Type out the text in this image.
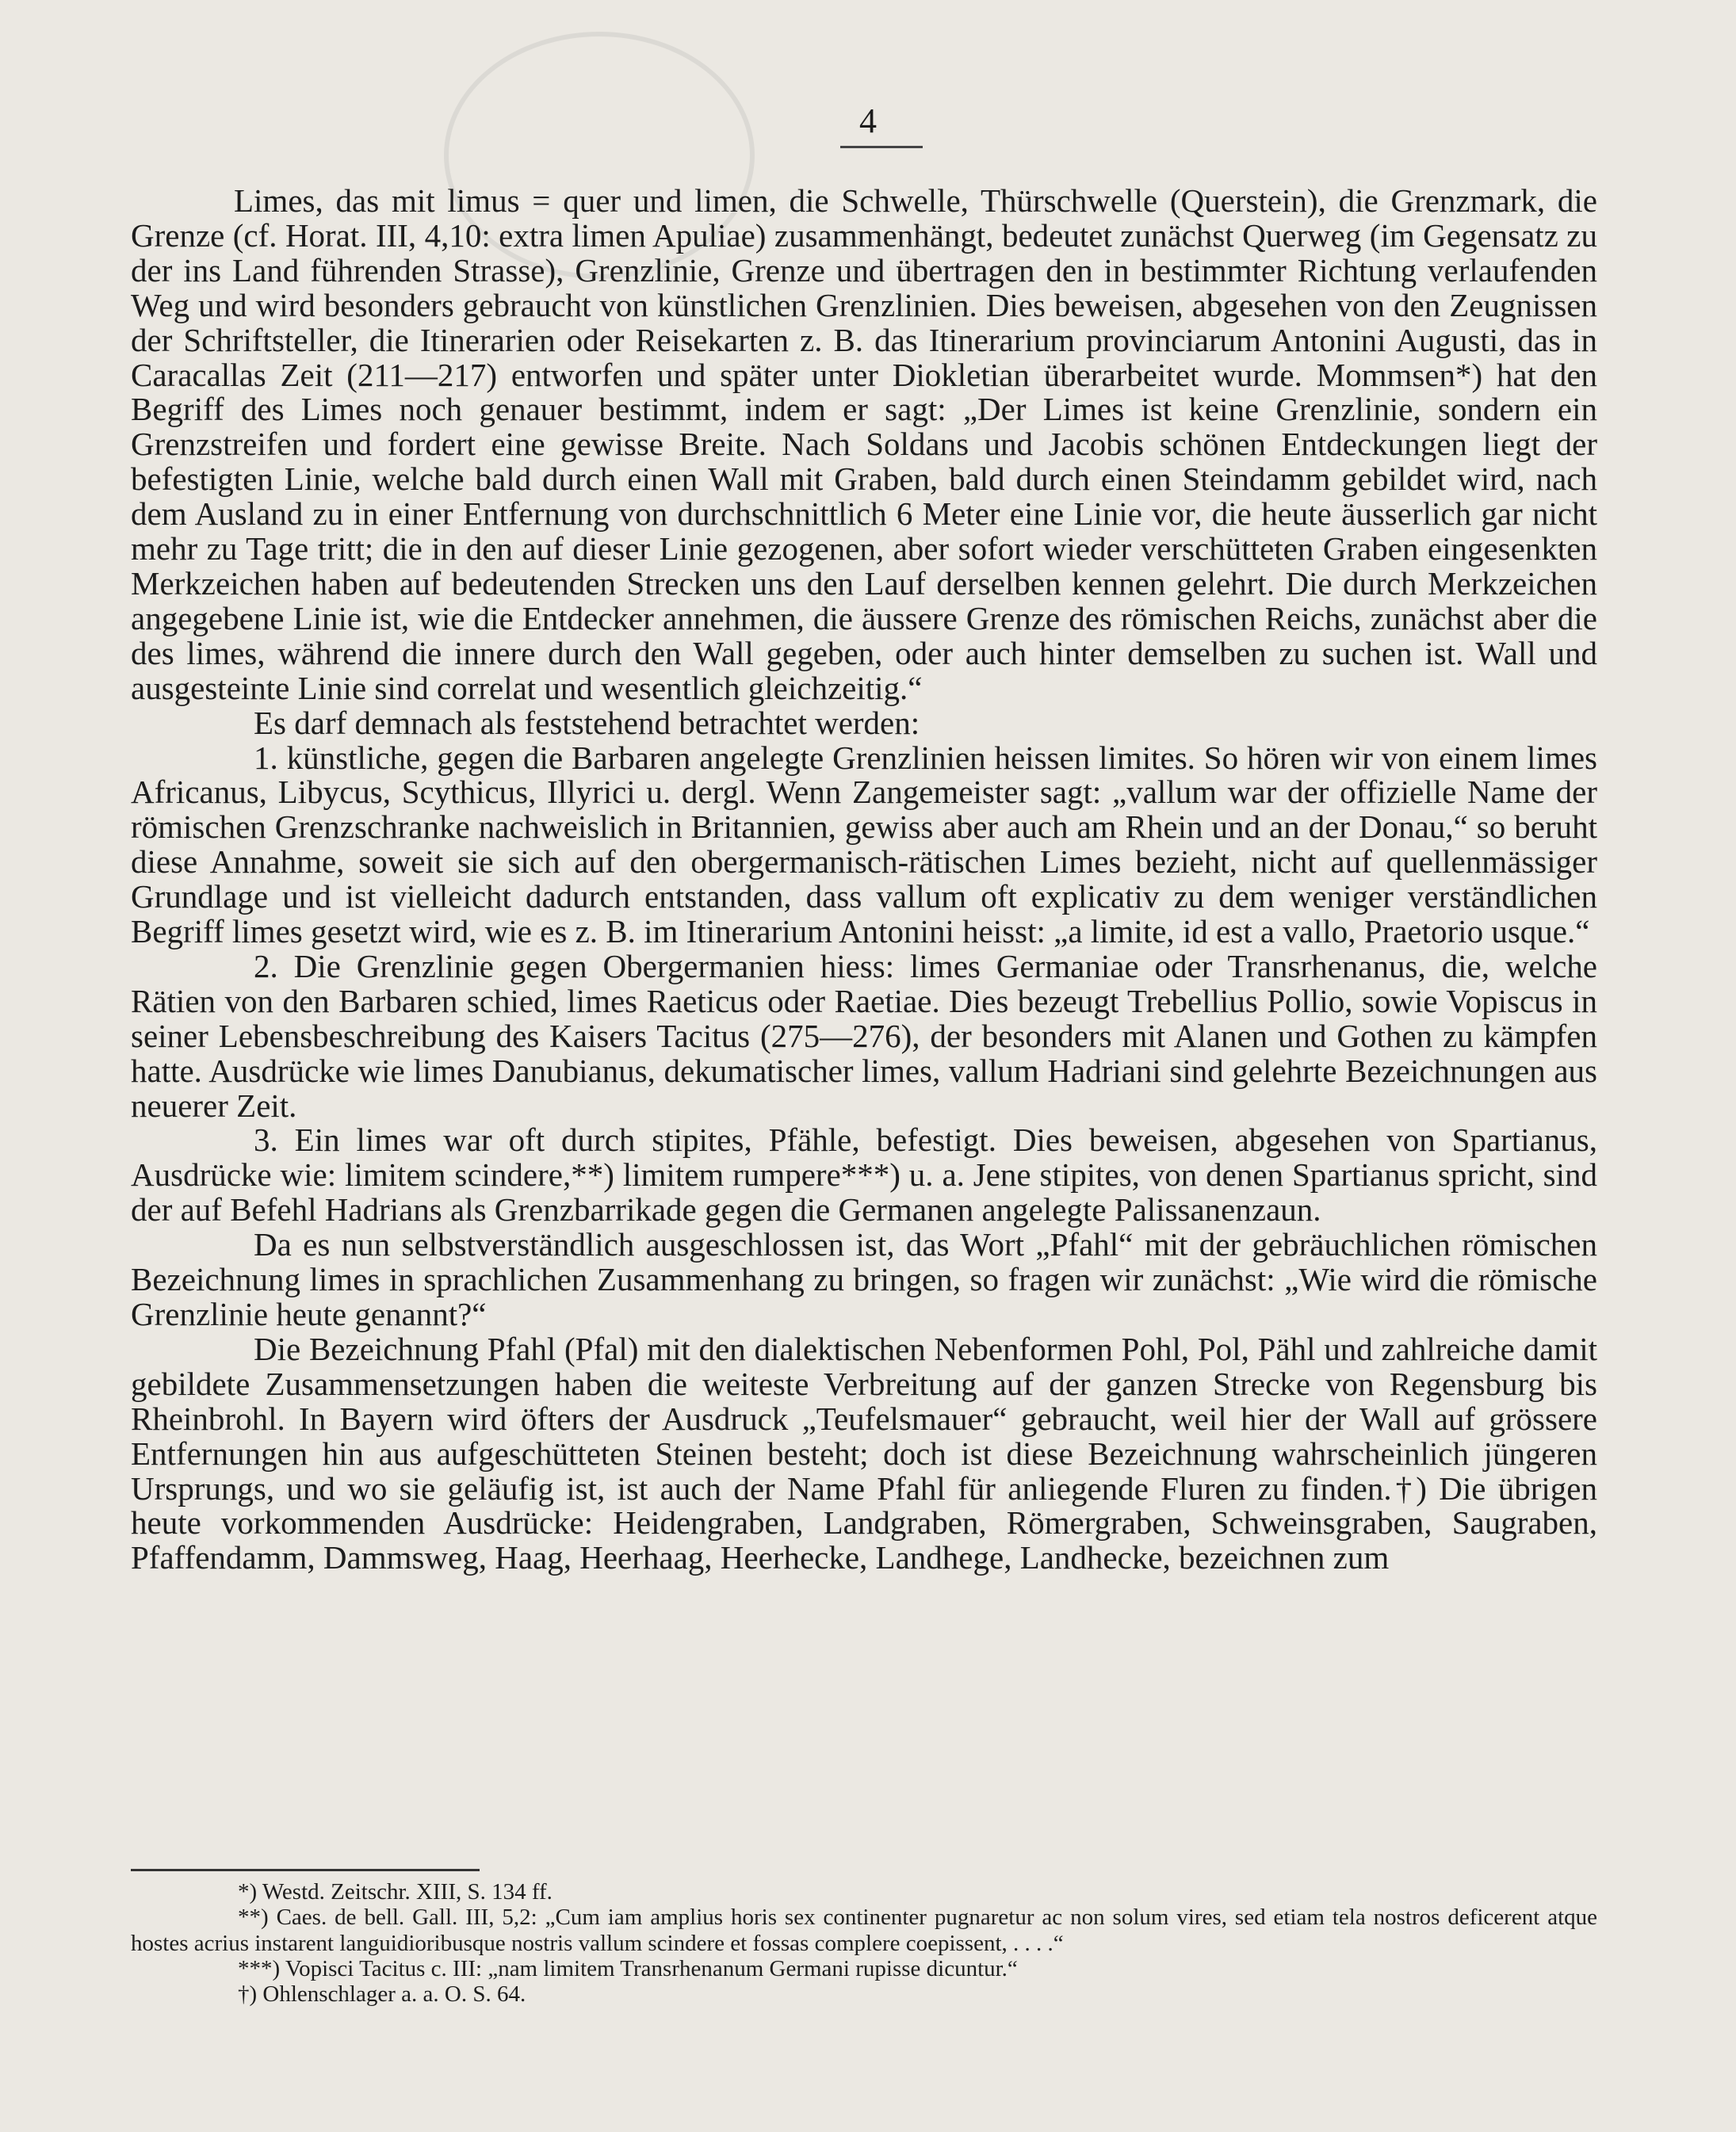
4

Limes, das mit limus = quer und limen, die Schwelle, Thürschwelle (Querstein), die Grenzmark, die Grenze (cf. Horat. III, 4,10: extra limen Apuliae) zusammenhängt, bedeutet zunächst Querweg (im Gegensatz zu der ins Land führenden Strasse), Grenzlinie, Grenze und übertragen den in bestimmter Richtung verlaufenden Weg und wird besonders gebraucht von künstlichen Grenzlinien. Dies beweisen, abgesehen von den Zeugnissen der Schriftsteller, die Itinerarien oder Reisekarten z. B. das Itinerarium provinciarum Antonini Augusti, das in Caracallas Zeit (211—217) entworfen und später unter Diokletian überarbeitet wurde. Mommsen*) hat den Begriff des Limes noch genauer bestimmt, indem er sagt: „Der Limes ist keine Grenzlinie, sondern ein Grenzstreifen und fordert eine gewisse Breite. Nach Soldans und Jacobis schönen Entdeckungen liegt der befestigten Linie, welche bald durch einen Wall mit Graben, bald durch einen Steindamm gebildet wird, nach dem Ausland zu in einer Entfernung von durchschnittlich 6 Meter eine Linie vor, die heute äusserlich gar nicht mehr zu Tage tritt; die in den auf dieser Linie gezogenen, aber sofort wieder verschütteten Graben eingesenkten Merkzeichen haben auf bedeutenden Strecken uns den Lauf derselben kennen gelehrt. Die durch Merkzeichen angegebene Linie ist, wie die Entdecker annehmen, die äussere Grenze des römischen Reichs, zunächst aber die des limes, während die innere durch den Wall gegeben, oder auch hinter demselben zu suchen ist. Wall und ausgesteinte Linie sind correlat und wesentlich gleichzeitig.“

Es darf demnach als feststehend betrachtet werden:

1. künstliche, gegen die Barbaren angelegte Grenzlinien heissen limites. So hören wir von einem limes Africanus, Libycus, Scythicus, Illyrici u. dergl. Wenn Zangemeister sagt: „vallum war der offizielle Name der römischen Grenzschranke nachweislich in Britannien, gewiss aber auch am Rhein und an der Donau,“ so beruht diese Annahme, soweit sie sich auf den obergermanisch-rätischen Limes bezieht, nicht auf quellenmässiger Grundlage und ist vielleicht dadurch entstanden, dass vallum oft explicativ zu dem weniger verständlichen Begriff limes gesetzt wird, wie es z. B. im Itinerarium Antonini heisst: „a limite, id est a vallo, Praetorio usque.“

2. Die Grenzlinie gegen Obergermanien hiess: limes Germaniae oder Transrhenanus, die, welche Rätien von den Barbaren schied, limes Raeticus oder Raetiae. Dies bezeugt Trebellius Pollio, sowie Vopiscus in seiner Lebensbeschreibung des Kaisers Tacitus (275—276), der besonders mit Alanen und Gothen zu kämpfen hatte. Ausdrücke wie limes Danubianus, dekumatischer limes, vallum Hadriani sind gelehrte Bezeichnungen aus neuerer Zeit.

3. Ein limes war oft durch stipites, Pfähle, befestigt. Dies beweisen, abgesehen von Spartianus, Ausdrücke wie: limitem scindere,**) limitem rumpere***) u. a. Jene stipites, von denen Spartianus spricht, sind der auf Befehl Hadrians als Grenzbarrikade gegen die Germanen angelegte Palissanenzaun.

Da es nun selbstverständlich ausgeschlossen ist, das Wort „Pfahl“ mit der gebräuchlichen römischen Bezeichnung limes in sprachlichen Zusammenhang zu bringen, so fragen wir zunächst: „Wie wird die römische Grenzlinie heute genannt?“

Die Bezeichnung Pfahl (Pfal) mit den dialektischen Nebenformen Pohl, Pol, Pähl und zahlreiche damit gebildete Zusammensetzungen haben die weiteste Verbreitung auf der ganzen Strecke von Regensburg bis Rheinbrohl. In Bayern wird öfters der Ausdruck „Teufelsmauer“ gebraucht, weil hier der Wall auf grössere Entfernungen hin aus aufgeschütteten Steinen besteht; doch ist diese Bezeichnung wahrscheinlich jüngeren Ursprungs, und wo sie geläufig ist, ist auch der Name Pfahl für anliegende Fluren zu finden.†) Die übrigen heute vorkommenden Ausdrücke: Heidengraben, Landgraben, Römergraben, Schweinsgraben, Saugraben, Pfaffendamm, Dammsweg, Haag, Heerhaag, Heerhecke, Landhege, Landhecke, bezeichnen zum

*) Westd. Zeitschr. XIII, S. 134 ff.

**) Caes. de bell. Gall. III, 5,2: „Cum iam amplius horis sex continenter pugnaretur ac non solum vires, sed etiam tela nostros deficerent atque hostes acrius instarent languidioribusque nostris vallum scindere et fossas complere coepissent, . . . .“

***) Vopisci Tacitus c. III: „nam limitem Transrhenanum Germani rupisse dicuntur.“

†) Ohlenschlager a. a. O. S. 64.
